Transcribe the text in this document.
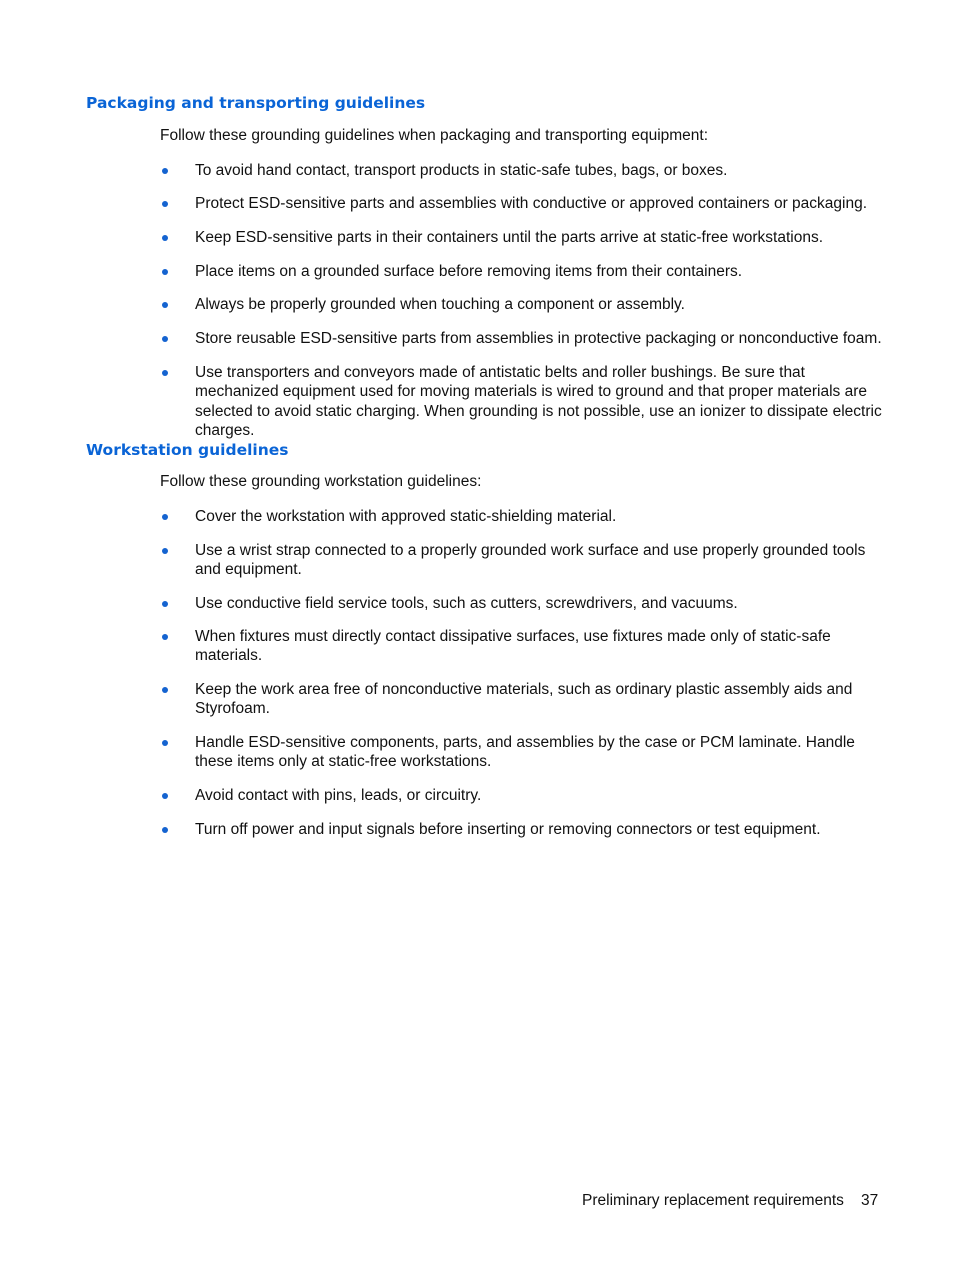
Packaging and transporting guidelines

Follow these grounding guidelines when packaging and transporting equipment:

To avoid hand contact, transport products in static-safe tubes, bags, or boxes.
Protect ESD-sensitive parts and assemblies with conductive or approved containers or packaging.
Keep ESD-sensitive parts in their containers until the parts arrive at static-free workstations.
Place items on a grounded surface before removing items from their containers.
Always be properly grounded when touching a component or assembly.
Store reusable ESD-sensitive parts from assemblies in protective packaging or nonconductive foam.
Use transporters and conveyors made of antistatic belts and roller bushings. Be sure that mechanized equipment used for moving materials is wired to ground and that proper materials are selected to avoid static charging. When grounding is not possible, use an ionizer to dissipate electric charges.
Workstation guidelines

Follow these grounding workstation guidelines:

Cover the workstation with approved static-shielding material.
Use a wrist strap connected to a properly grounded work surface and use properly grounded tools and equipment.
Use conductive field service tools, such as cutters, screwdrivers, and vacuums.
When fixtures must directly contact dissipative surfaces, use fixtures made only of static-safe materials.
Keep the work area free of nonconductive materials, such as ordinary plastic assembly aids and Styrofoam.
Handle ESD-sensitive components, parts, and assemblies by the case or PCM laminate. Handle these items only at static-free workstations.
Avoid contact with pins, leads, or circuitry.
Turn off power and input signals before inserting or removing connectors or test equipment.
Preliminary replacement requirements 37
